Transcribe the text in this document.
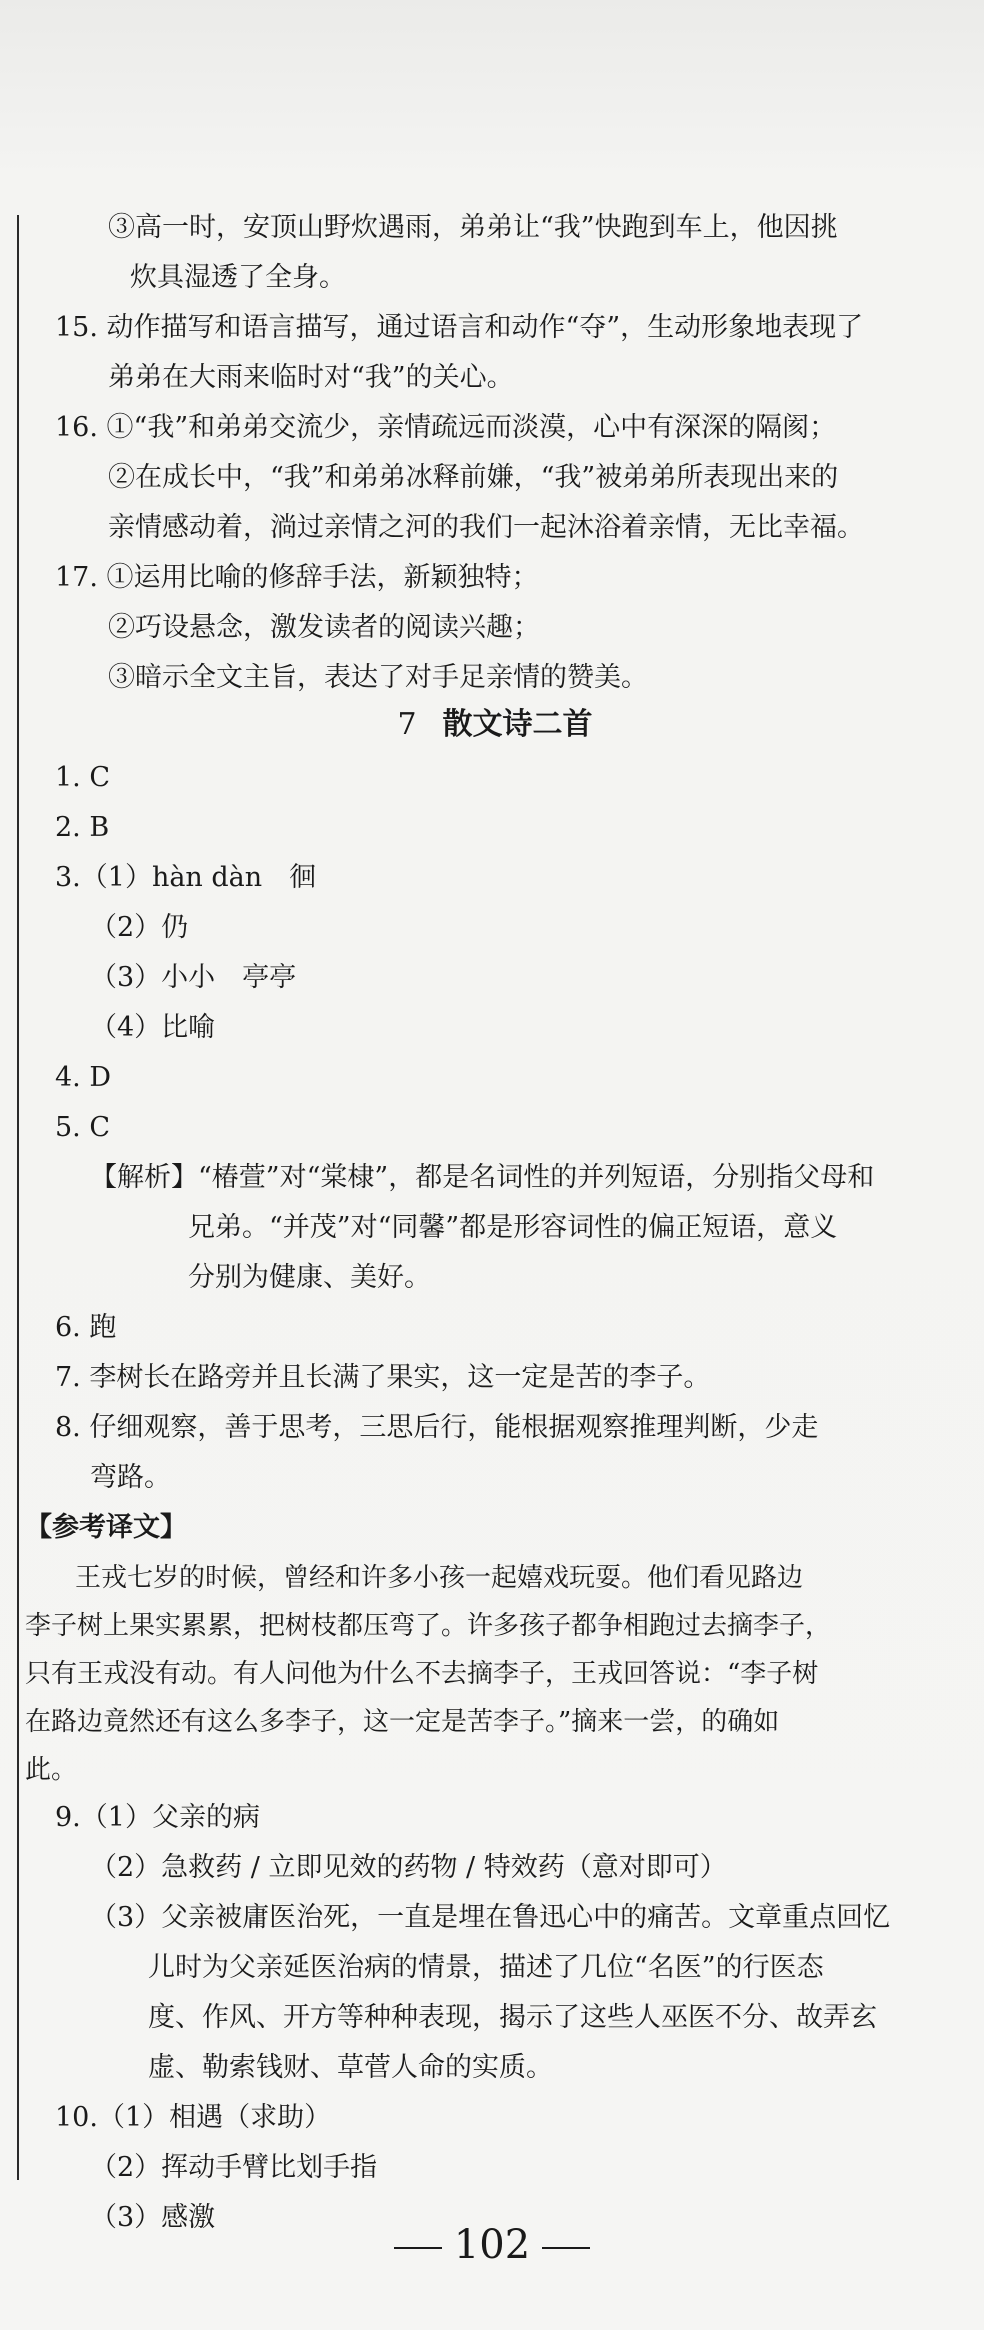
③高一时，安顶山野炊遇雨，弟弟让“我”快跑到车上，他因挑
炊具湿透了全身。
15. 动作描写和语言描写，通过语言和动作“夺”，生动形象地表现了
弟弟在大雨来临时对“我”的关心。
16. ①“我”和弟弟交流少，亲情疏远而淡漠，心中有深深的隔阂；
②在成长中，“我”和弟弟冰释前嫌，“我”被弟弟所表现出来的
亲情感动着，淌过亲情之河的我们一起沐浴着亲情，无比幸福。
17. ①运用比喻的修辞手法，新颖独特；
②巧设悬念，激发读者的阅读兴趣；
③暗示全文主旨，表达了对手足亲情的赞美。
7 散文诗二首
1. C
2. B
3.（1）hàn dàn　徊
（2）仍
（3）小小　亭亭
（4）比喻
4. D
5. C
【解析】“椿萱”对“棠棣”，都是名词性的并列短语，分别指父母和
兄弟。“并茂”对“同馨”都是形容词性的偏正短语，意义
分别为健康、美好。
6. 跑
7. 李树长在路旁并且长满了果实，这一定是苦的李子。
8. 仔细观察，善于思考，三思后行，能根据观察推理判断，少走
弯路。
【参考译文】
王戎七岁的时候，曾经和许多小孩一起嬉戏玩耍。他们看见路边
李子树上果实累累，把树枝都压弯了。许多孩子都争相跑过去摘李子，
只有王戎没有动。有人问他为什么不去摘李子，王戎回答说：“李子树
在路边竟然还有这么多李子，这一定是苦李子。”摘来一尝，的确如
此。
9.（1）父亲的病
（2）急救药 / 立即见效的药物 / 特效药（意对即可）
（3）父亲被庸医治死，一直是埋在鲁迅心中的痛苦。文章重点回忆
儿时为父亲延医治病的情景，描述了几位“名医”的行医态
度、作风、开方等种种表现，揭示了这些人巫医不分、故弄玄
虚、勒索钱财、草菅人命的实质。
10.（1）相遇（求助）
（2）挥动手臂比划手指
（3）感激
102
